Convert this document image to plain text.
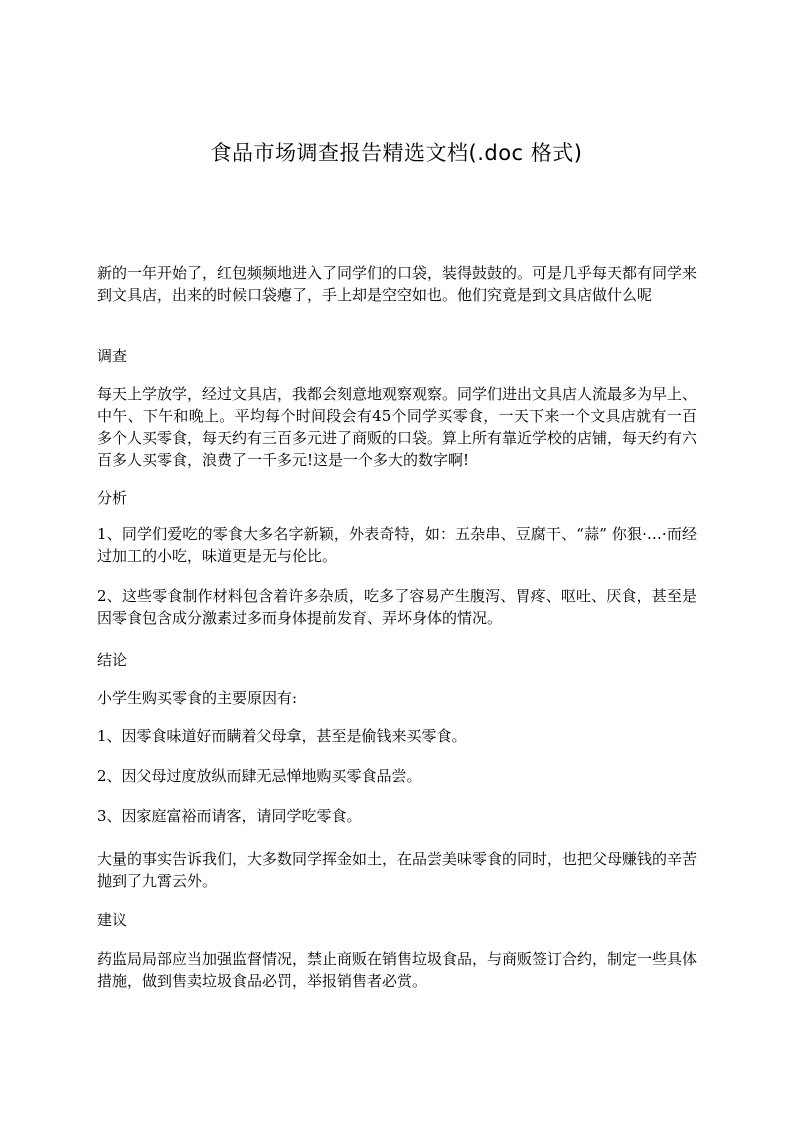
食品市场调查报告精选文档(.doc 格式)
新的一年开始了，红包频频地进入了同学们的口袋，装得鼓鼓的。可是几乎每天都有同学来到文具店，出来的时候口袋瘪了，手上却是空空如也。他们究竟是到文具店做什么呢
调查
每天上学放学，经过文具店，我都会刻意地观察观察。同学们进出文具店人流最多为早上、中午、下午和晚上。平均每个时间段会有45个同学买零食，一天下来一个文具店就有一百多个人买零食，每天约有三百多元进了商贩的口袋。算上所有靠近学校的店铺，每天约有六百多人买零食，浪费了一千多元!这是一个多大的数字啊!
分析
1、同学们爱吃的零食大多名字新颖，外表奇特，如：五杂串、豆腐干、“蒜” 你狠·…·而经过加工的小吃，味道更是无与伦比。
2、这些零食制作材料包含着许多杂质，吃多了容易产生腹泻、胃疼、呕吐、厌食，甚至是因零食包含成分激素过多而身体提前发育、弄坏身体的情况。
结论
小学生购买零食的主要原因有:
1、因零食味道好而瞒着父母拿，甚至是偷钱来买零食。
2、因父母过度放纵而肆无忌惮地购买零食品尝。
3、因家庭富裕而请客，请同学吃零食。
大量的事实告诉我们，大多数同学挥金如土，在品尝美味零食的同时，也把父母赚钱的辛苦抛到了九霄云外。
建议
药监局局部应当加强监督情况，禁止商贩在销售垃圾食品，与商贩签订合约，制定一些具体措施，做到售卖垃圾食品必罚，举报销售者必赏。
